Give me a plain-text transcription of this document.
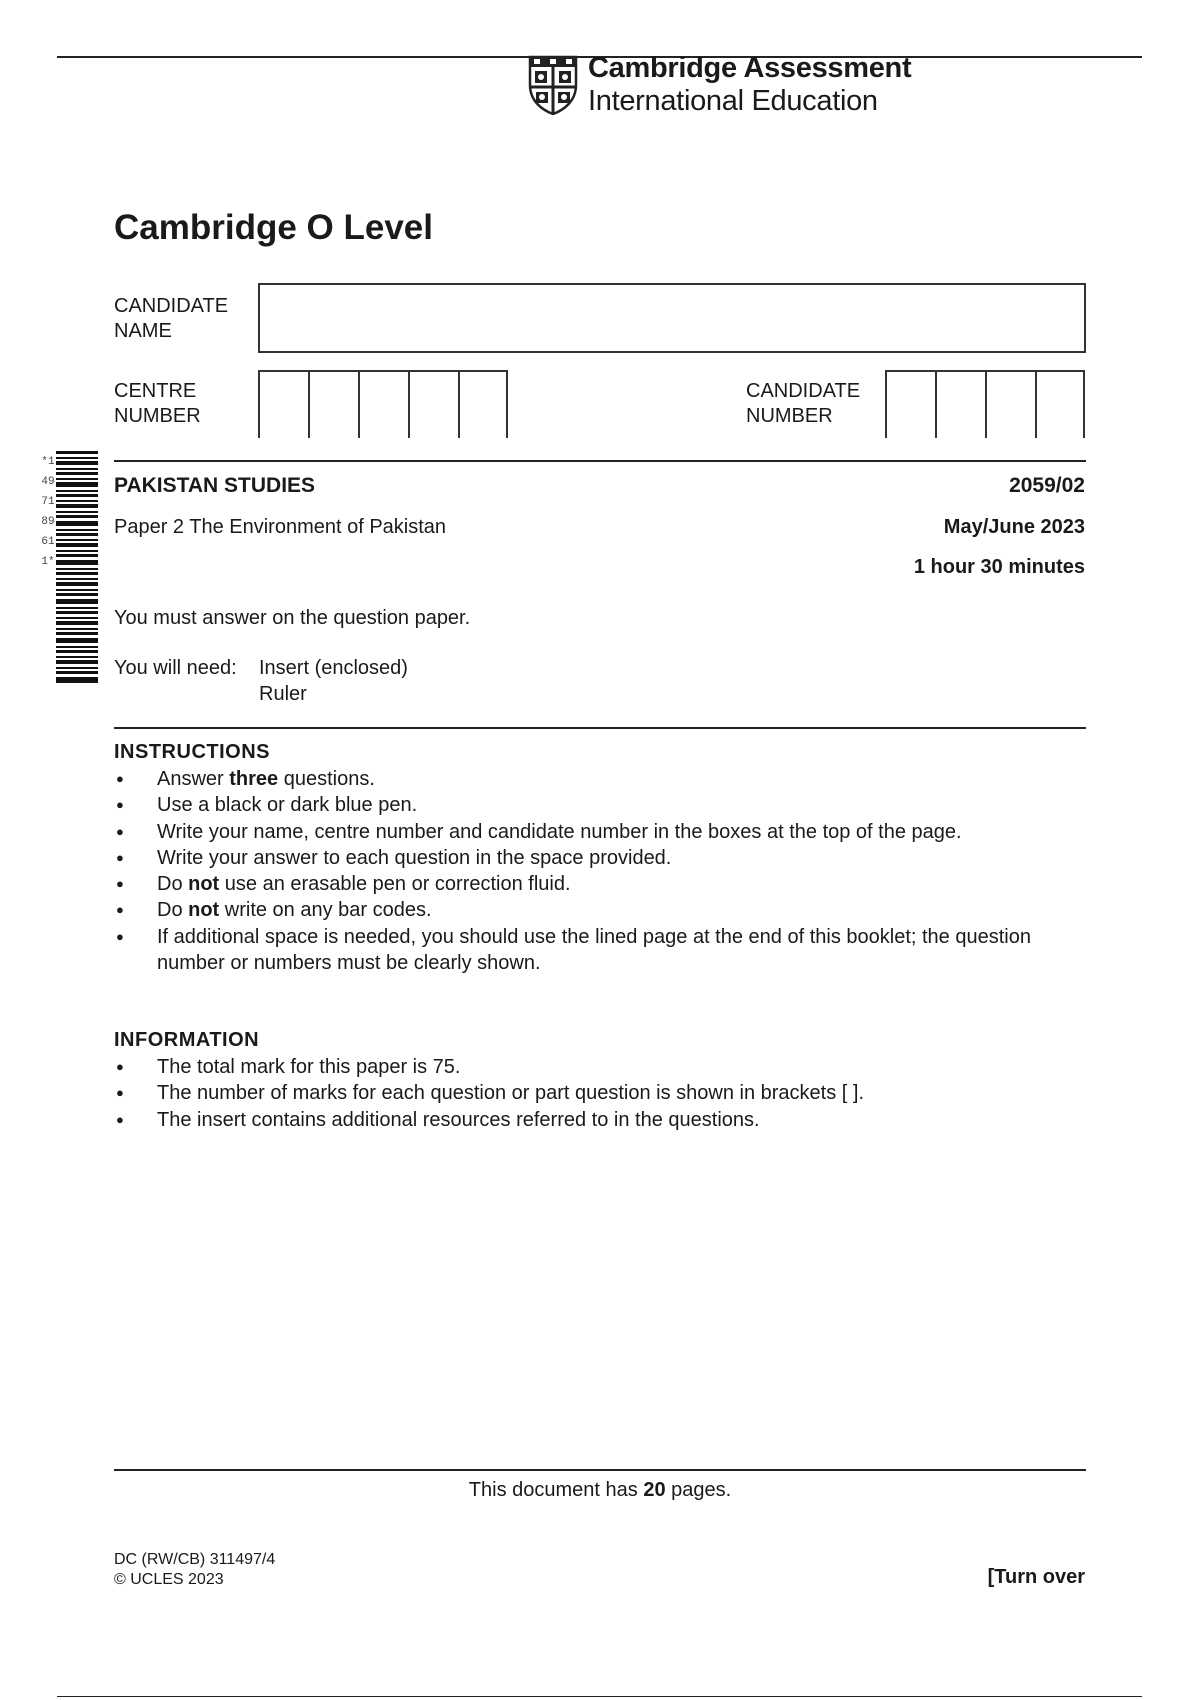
Cambridge Assessment
International Education
Cambridge O Level
CANDIDATE
NAME
CENTRE
NUMBER
CANDIDATE
NUMBER
*1497189611*
PAKISTAN STUDIES	2059/02
Paper 2 The Environment of Pakistan	May/June 2023
1 hour 30 minutes
You must answer on the question paper.
You will need: Insert (enclosed)
Ruler
INSTRUCTIONS
● Answer three questions.
● Use a black or dark blue pen.
● Write your name, centre number and candidate number in the boxes at the top of the page.
● Write your answer to each question in the space provided.
● Do not use an erasable pen or correction fluid.
● Do not write on any bar codes.
● If additional space is needed, you should use the lined page at the end of this booklet; the question number or numbers must be clearly shown.
INFORMATION
● The total mark for this paper is 75.
● The number of marks for each question or part question is shown in brackets [ ].
● The insert contains additional resources referred to in the questions.
This document has 20 pages.
DC (RW/CB) 311497/4
© UCLES 2023	[Turn over
